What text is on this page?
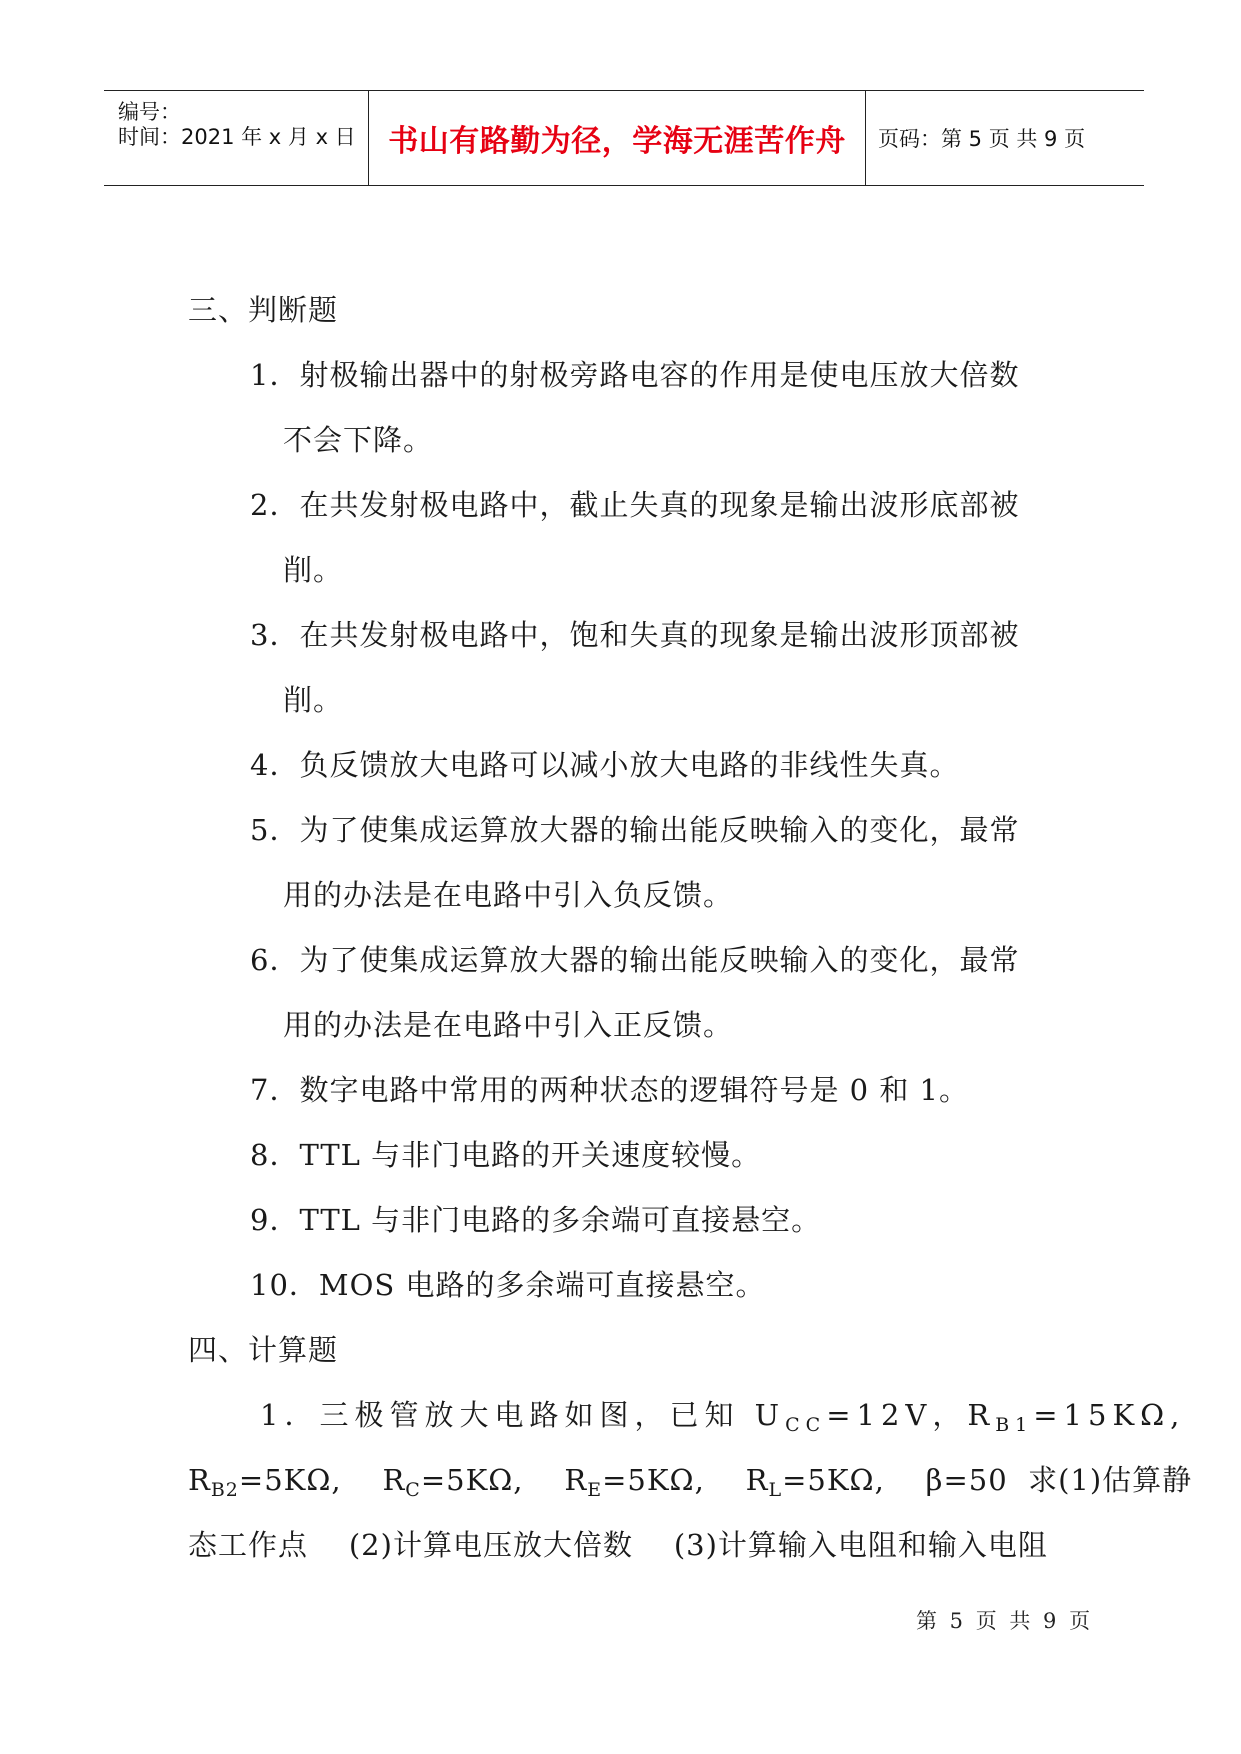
编号：
时间：2021 年 x 月 x 日 书山有路勤为径，学海无涯苦作舟 页码：第 5 页 共 9 页
三、判断题
1．射极输出器中的射极旁路电容的作用是使电压放大倍数
不会下降。
2．在共发射极电路中，截止失真的现象是输出波形底部被
削。
3．在共发射极电路中，饱和失真的现象是输出波形顶部被
削。
4．负反馈放大电路可以减小放大电路的非线性失真。
5．为了使集成运算放大器的输出能反映输入的变化，最常
用的办法是在电路中引入负反馈。
6．为了使集成运算放大器的输出能反映输入的变化，最常
用的办法是在电路中引入正反馈。
7．数字电路中常用的两种状态的逻辑符号是 0 和 1。
8．TTL 与非门电路的开关速度较慢。
9．TTL 与非门电路的多余端可直接悬空。
10．MOS 电路的多余端可直接悬空。
四、计算题
1．三极管放大电路如图，已知 $U_{CC}=12V$，$R_{B1}=15K\Omega$,
$R_{B2}=5K\Omega$,    $R_C=5K\Omega$,    $R_E=5K\Omega$,    $R_L=5K\Omega$,    β=50  求(1)估算静
态工作点    (2)计算电压放大倍数    (3)计算输入电阻和输入电阻
第 5 页 共 9 页
